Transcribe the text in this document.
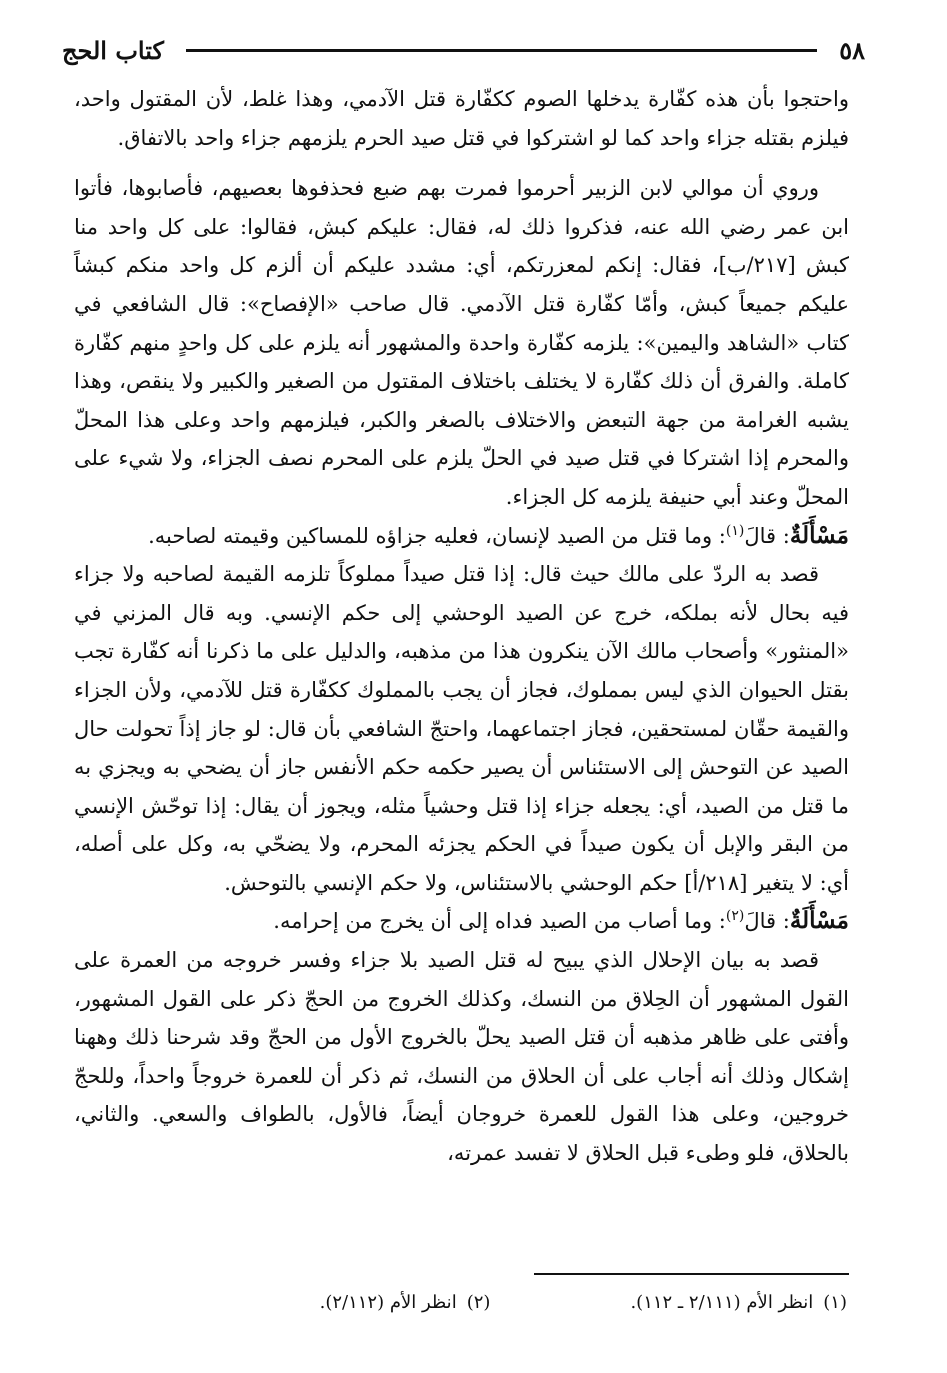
٥٨
كتاب الحج

واحتجوا بأن هذه كفّارة يدخلها الصوم ككفّارة قتل الآدمي، وهذا غلط، لأن المقتول واحد، فيلزم بقتله جزاء واحد كما لو اشتركوا في قتل صيد الحرم يلزمهم جزاء واحد بالاتفاق.

وروي أن موالي لابن الزبير أحرموا فمرت بهم ضبع فحذفوها بعصيهم، فأصابوها، فأتوا ابن عمر رضي الله عنه، فذكروا ذلك له، فقال: عليكم كبش، فقالوا: على كل واحد منا كبش [٢١٧/ب]، فقال: إنكم لمعزرتكم، أي: مشدد عليكم أن ألزم كل واحد منكم كبشاً عليكم جميعاً كبش، وأمّا كفّارة قتل الآدمي. قال صاحب «الإفصاح»: قال الشافعي في كتاب «الشاهد واليمين»: يلزمه كفّارة واحدة والمشهور أنه يلزم على كل واحدٍ منهم كفّارة كاملة. والفرق أن ذلك كفّارة لا يختلف باختلاف المقتول من الصغير والكبير ولا ينقص، وهذا يشبه الغرامة من جهة التبعض والاختلاف بالصغر والكبر، فيلزمهم واحد وعلى هذا المحلّ والمحرم إذا اشتركا في قتل صيد في الحلّ يلزم على المحرم نصف الجزاء، ولا شيء على المحلّ وعند أبي حنيفة يلزمه كل الجزاء.

مَسْأَلَةٌ: قالَ$^{(١)}$: وما قتل من الصيد لإنسان، فعليه جزاؤه للمساكين وقيمته لصاحبه.

قصد به الردّ على مالك حيث قال: إذا قتل صيداً مملوكاً تلزمه القيمة لصاحبه ولا جزاء فيه بحال لأنه بملكه، خرج عن الصيد الوحشي إلى حكم الإنسي. وبه قال المزني في «المنثور» وأصحاب مالك الآن ينكرون هذا من مذهبه، والدليل على ما ذكرنا أنه كفّارة تجب بقتل الحيوان الذي ليس بمملوك، فجاز أن يجب بالمملوك ككفّارة قتل للآدمي، ولأن الجزاء والقيمة حقّان لمستحقين، فجاز اجتماعهما، واحتجّ الشافعي بأن قال: لو جاز إذاً تحولت حال الصيد عن التوحش إلى الاستئناس أن يصير حكمه حكم الأنفس جاز أن يضحي به ويجزي به ما قتل من الصيد، أي: يجعله جزاء إذا قتل وحشياً مثله، ويجوز أن يقال: إذا توحّش الإنسي من البقر والإبل أن يكون صيداً في الحكم يجزئه المحرم، ولا يضحّي به، وكل على أصله، أي: لا يتغير [٢١٨/أ] حكم الوحشي بالاستئناس، ولا حكم الإنسي بالتوحش.

مَسْأَلَةٌ: قالَ$^{(٢)}$: وما أصاب من الصيد فداه إلى أن يخرج من إحرامه.

قصد به بيان الإحلال الذي يبيح له قتل الصيد بلا جزاء وفسر خروجه من العمرة على القول المشهور أن الحِلاق من النسك، وكذلك الخروج من الحجّ ذكر على القول المشهور، وأفتى على ظاهر مذهبه أن قتل الصيد يحلّ بالخروج الأول من الحجّ وقد شرحنا ذلك وههنا إشكال وذلك أنه أجاب على أن الحلاق من النسك، ثم ذكر أن للعمرة خروجاً واحداً، وللحجّ خروجين، وعلى هذا القول للعمرة خروجان أيضاً، فالأول، بالطواف والسعي. والثاني، بالحلاق، فلو وطىء قبل الحلاق لا تفسد عمرته،

(١)انظر الأم (٢/١١١ ـ ١١٢).
(٢)انظر الأم (٢/١١٢).
